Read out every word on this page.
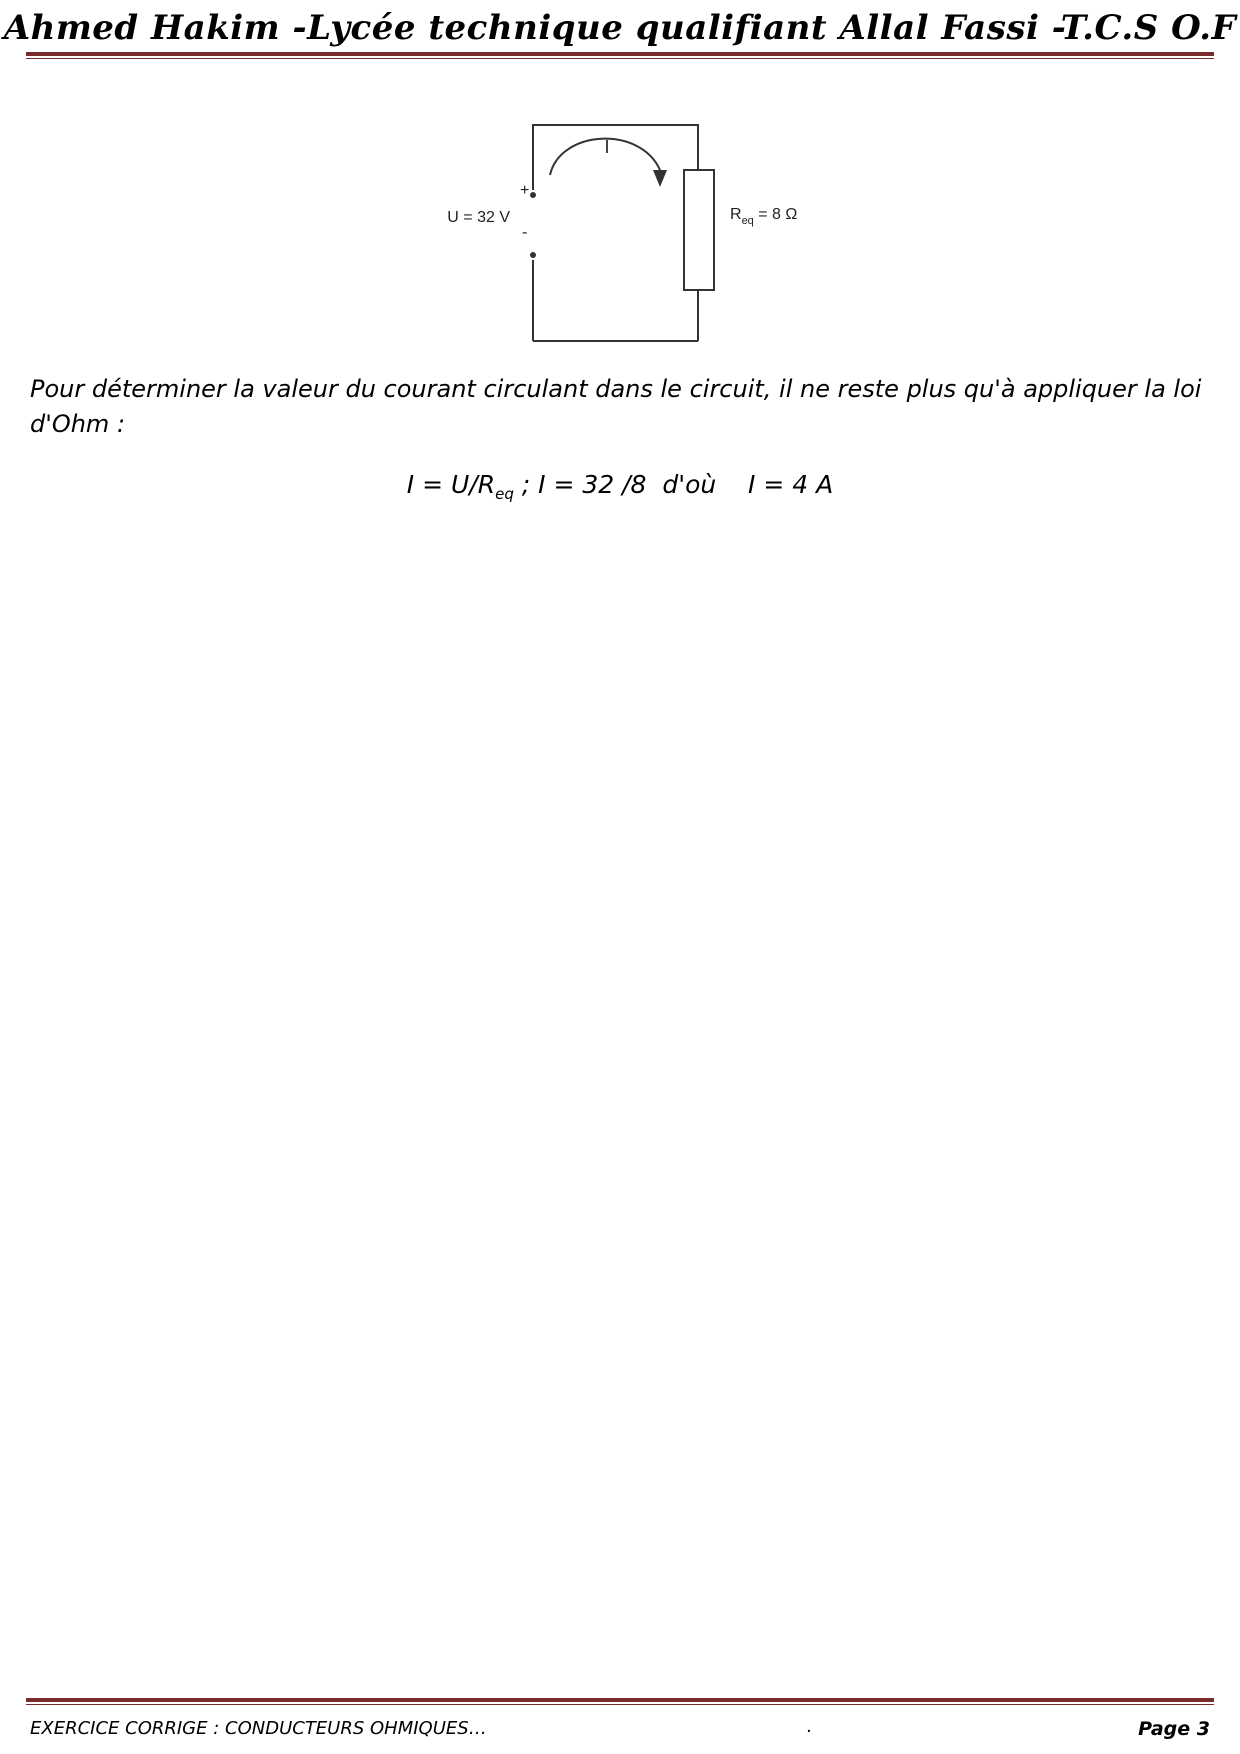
Ahmed Hakim -Lycée technique qualifiant Allal Fassi -T.C.S O.F
I
U = 32 V
+
-
$R_{eq} = 8$ Ω
Pour déterminer la valeur du courant circulant dans le circuit, il ne reste plus qu'à appliquer la loi d'Ohm :
$I = U/R_{eq}$ ; I = 32 /8  d'où    I = 4 A
EXERCICE CORRIGE : CONDUCTEURS OHMIQUES…	.	Page 3
